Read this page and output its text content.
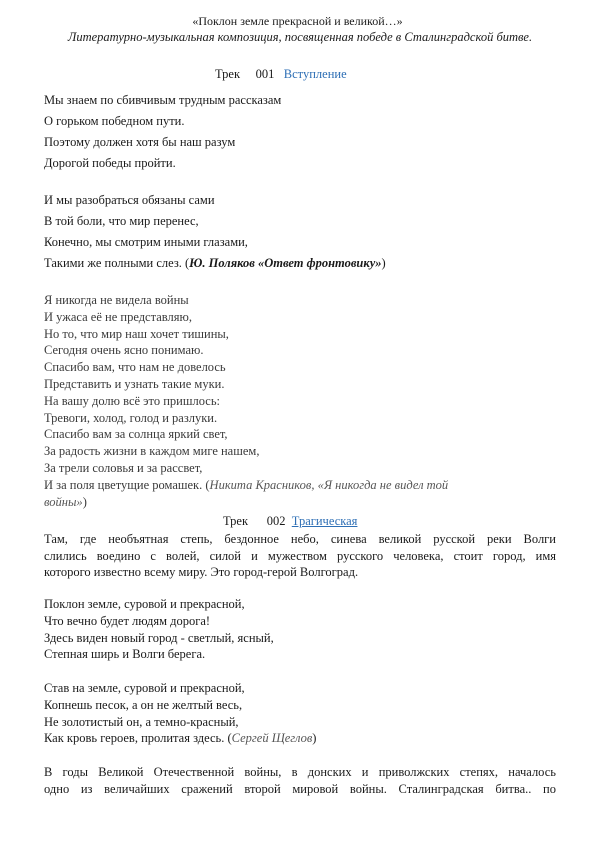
«Поклон земле прекрасной и великой…»
Литературно-музыкальная композиция, посвященная победе в Сталинградской битве.
Трек 001 Вступление
Мы знаем по сбивчивым трудным рассказам
О горьком победном пути.
Поэтому должен хотя бы наш разум
Дорогой победы пройти.
И мы разобраться обязаны сами
В той боли, что мир перенес,
Конечно, мы смотрим иными глазами,
Такими же полными слез. (Ю. Поляков «Ответ фронтовику»)
Я никогда не видела войны
И ужаса её не представляю,
Но то, что мир наш хочет тишины,
Сегодня очень ясно понимаю.
Спасибо вам, что нам не довелось
Представить и узнать такие муки.
На вашу долю всё это пришлось:
Тревоги, холод, голод и разлуки.
Спасибо вам за солнца яркий свет,
За радость жизни в каждом миге нашем,
За трели соловья и за рассвет,
И за поля цветущие ромашек. (Никита Красников, «Я никогда не видел той
войны»)
Трек 002 Трагическая
Там, где необъятная степь, бездонное небо, синева великой русской реки Волги
слились воедино с волей, силой и мужеством русского человека, стоит город, имя
которого известно всему миру. Это город-герой Волгоград.
Поклон земле, суровой и прекрасной,
Что вечно будет людям дорога!
Здесь виден новый город - светлый, ясный,
Степная ширь и Волги берега.
Став на земле, суровой и прекрасной,
Копнешь песок, а он не желтый весь,
Не золотистый он, а темно-красный,
Как кровь героев, пролитая здесь. (Сергей Щеглов)
В годы Великой Отечественной войны, в донских и приволжских степях, началось
одно из величайших сражений второй мировой войны. Сталинградская битва.. по
